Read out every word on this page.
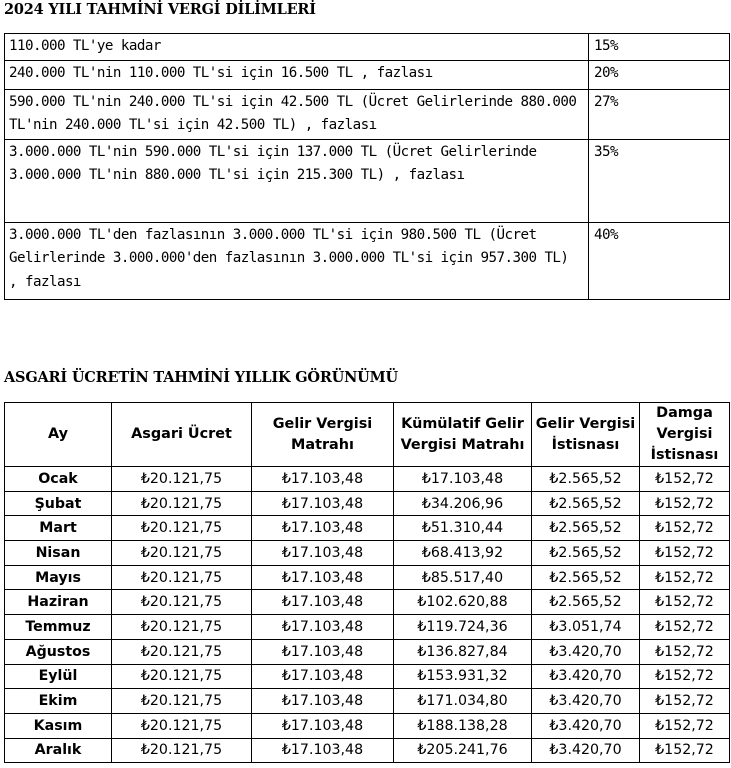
2024 YILI TAHMİNİ VERGİ DİLİMLERİ
110.000 TL'ye kadar	15%
240.000 TL'nin 110.000 TL'si için 16.500 TL , fazlası	20%
590.000 TL'nin 240.000 TL'si için 42.500 TL (Ücret Gelirlerinde 880.000 TL'nin 240.000 TL'si için 42.500 TL) , fazlası	27%
3.000.000 TL'nin 590.000 TL'si için 137.000 TL (Ücret Gelirlerinde 3.000.000 TL'nin 880.000 TL'si için 215.300 TL) , fazlası	35%
3.000.000 TL'den fazlasının 3.000.000 TL'si için 980.500 TL (Ücret Gelirlerinde 3.000.000'den fazlasının 3.000.000 TL'si için 957.300 TL) , fazlası	40%
ASGARİ ÜCRETİN TAHMİNİ YILLIK GÖRÜNÜMÜ
Ay	Asgari Ücret	Gelir Vergisi Matrahı	Kümülatif Gelir Vergisi Matrahı	Gelir Vergisi İstisnası	Damga Vergisi İstisnası
Ocak	₺20.121,75	₺17.103,48	₺17.103,48	₺2.565,52	₺152,72
Şubat	₺20.121,75	₺17.103,48	₺34.206,96	₺2.565,52	₺152,72
Mart	₺20.121,75	₺17.103,48	₺51.310,44	₺2.565,52	₺152,72
Nisan	₺20.121,75	₺17.103,48	₺68.413,92	₺2.565,52	₺152,72
Mayıs	₺20.121,75	₺17.103,48	₺85.517,40	₺2.565,52	₺152,72
Haziran	₺20.121,75	₺17.103,48	₺102.620,88	₺2.565,52	₺152,72
Temmuz	₺20.121,75	₺17.103,48	₺119.724,36	₺3.051,74	₺152,72
Ağustos	₺20.121,75	₺17.103,48	₺136.827,84	₺3.420,70	₺152,72
Eylül	₺20.121,75	₺17.103,48	₺153.931,32	₺3.420,70	₺152,72
Ekim	₺20.121,75	₺17.103,48	₺171.034,80	₺3.420,70	₺152,72
Kasım	₺20.121,75	₺17.103,48	₺188.138,28	₺3.420,70	₺152,72
Aralık	₺20.121,75	₺17.103,48	₺205.241,76	₺3.420,70	₺152,72
